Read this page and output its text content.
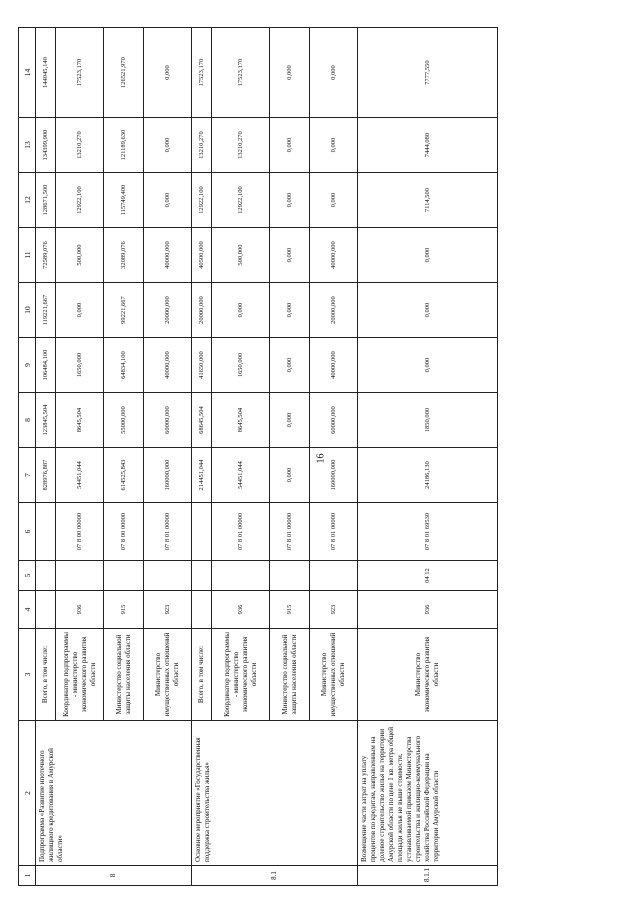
16
1	2	3	4	5	6	7	8	9	10	11	12	13	14
8	Подпрограмма «Развитие ипотечного жилищного кредитования в Амурской области»	Всего, в том числе:				828976,887	123845,504	106484,100	119221,667	72589,076	128671,500	134399,900	144045,140
		Координатор подпрограммы - министерство экономического развития области	936		07 8 00 00000	54451,044	8645,504	1650,000	0,000	500,000	12922,100	13210,270	17523,170
		Министерство социальной защиты населения области	915		07 8 00 00000	614525,843	55000,000	64834,100	99221,667	32089,076	115749,400	121189,630	126521,970
		Министерство имущественных отношений области	923		07 8 01 00000	160000,000	60000,000	40000,000	20000,000	40000,000	0,000	0,000	0,000
8.1	Основное мероприятие «Государственная поддержка строительства жилья»	Всего, в том числе:				214451,044	68645,504	41650,000	20000,000	40500,000	12922,100	13210,270	17523,170
		Координатор подпрограммы - министерство экономического развития области	936		07 8 01 00000	54451,044	8645,504	1650,000	0,000	500,000	12922,100	13210,270	17523,170
		Министерство социальной защиты населения области	915		07 8 01 00000	0,000	0,000	0,000	0,000	0,000	0,000	0,000	0,000
		Министерство имущественных отношений области	923		07 8 01 00000	160000,000	60000,000	40000,000	20000,000	40000,000	0,000	0,000	0,000
8.1.1	Возмещение части затрат на уплату процентов по кредитам, направленным на долевое строительство жилья на территории Амурской области по цене 1 кв. метра общей площади жилья не выше стоимости, устанавливаемой приказом Министерства строительства и жилищно-коммунального хозяйства Российской Федерации на территории Амурской области	Министерство экономического развития области	936	04 12	07 8 01 69530	24186,130	1850,000	0,000	0,000	0,000	7114,500	7444,080	7777,550
